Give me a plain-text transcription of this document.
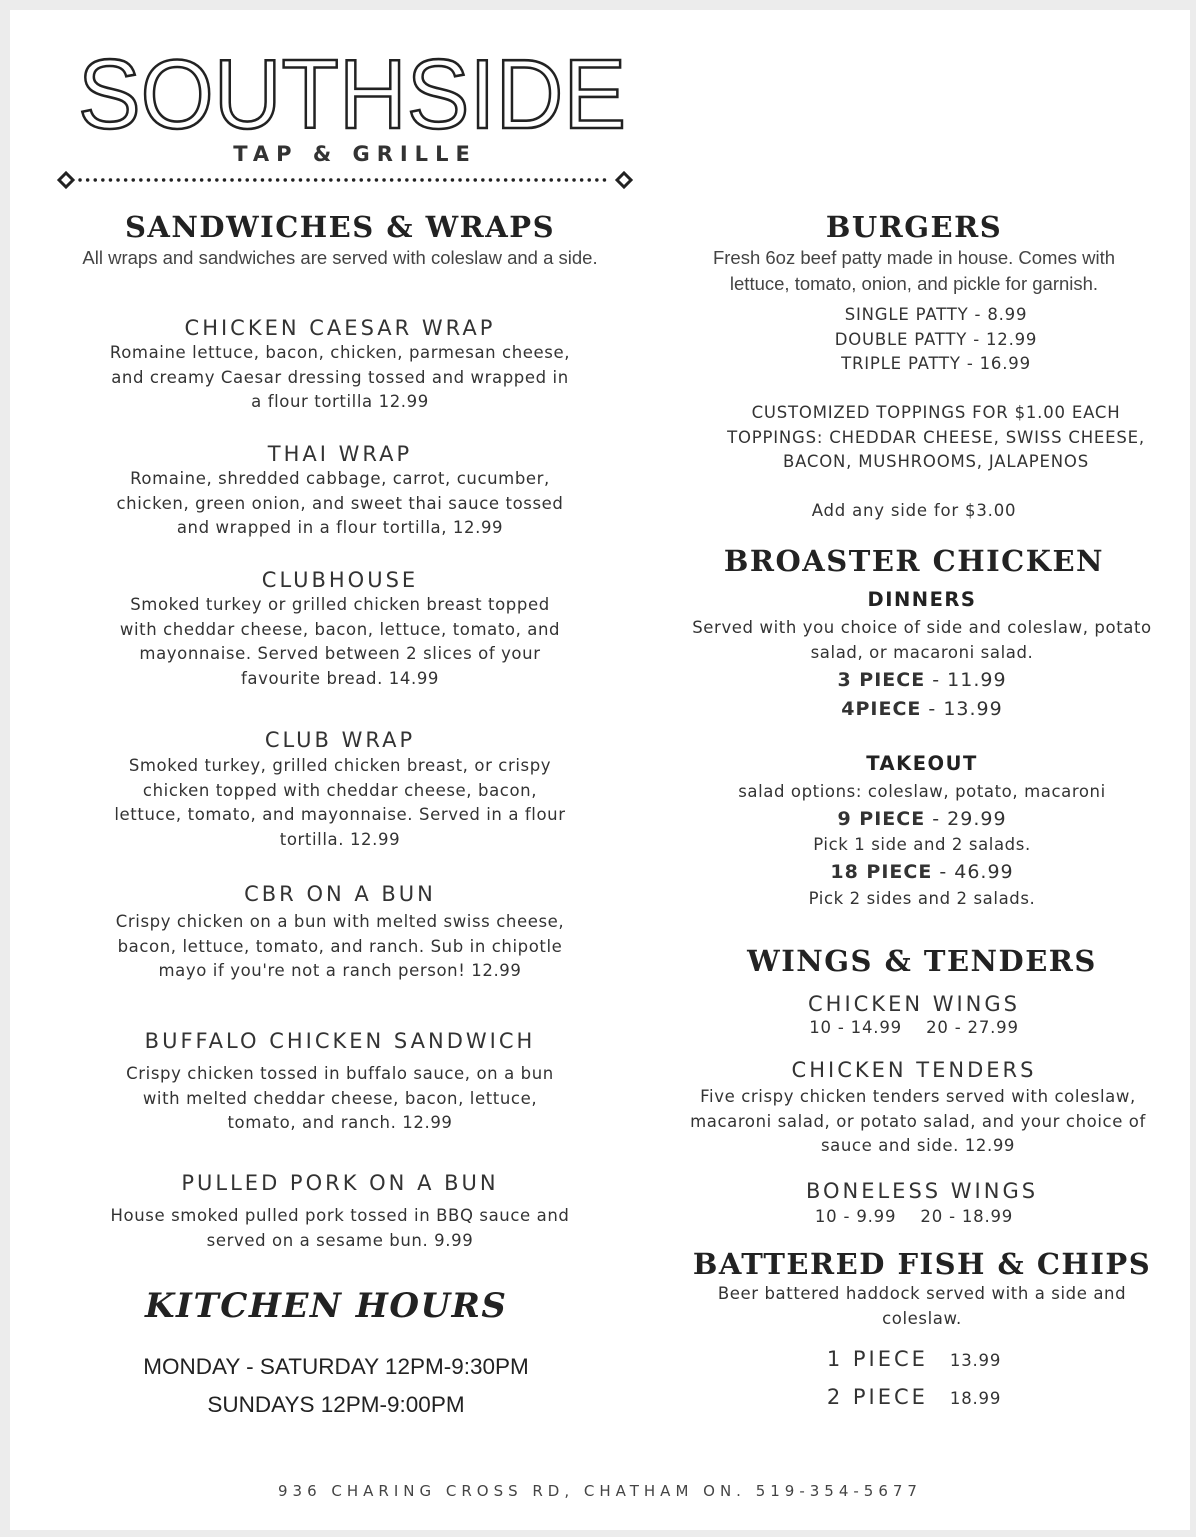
SOUTHSIDE
TAP & GRILLE
SANDWICHES & WRAPS
All wraps and sandwiches are served with coleslaw and a side.
CHICKEN CAESAR WRAP
Romaine lettuce, bacon, chicken, parmesan cheese,
and creamy Caesar dressing tossed and wrapped in
a flour tortilla 12.99
THAI WRAP
Romaine, shredded cabbage, carrot, cucumber,
chicken, green onion, and sweet thai sauce tossed
and wrapped in a flour tortilla, 12.99
CLUBHOUSE
Smoked turkey or grilled chicken breast topped
with cheddar cheese, bacon, lettuce, tomato, and
mayonnaise. Served between 2 slices of your
favourite bread. 14.99
CLUB WRAP
Smoked turkey, grilled chicken breast, or crispy
chicken topped with cheddar cheese, bacon,
lettuce, tomato, and mayonnaise. Served in a flour
tortilla. 12.99
CBR ON A BUN
Crispy chicken on a bun with melted swiss cheese,
bacon, lettuce, tomato, and ranch. Sub in chipotle
mayo if you're not a ranch person! 12.99
BUFFALO CHICKEN SANDWICH
Crispy chicken tossed in buffalo sauce, on a bun
with melted cheddar cheese, bacon, lettuce,
tomato, and ranch. 12.99
PULLED PORK ON A BUN
House smoked pulled pork tossed in BBQ sauce and
served on a sesame bun. 9.99
KITCHEN HOURS
MONDAY - SATURDAY 12PM-9:30PM
SUNDAYS 12PM-9:00PM
BURGERS
Fresh 6oz beef patty made in house. Comes with
lettuce, tomato, onion, and pickle for garnish.
SINGLE PATTY - 8.99
DOUBLE PATTY - 12.99
TRIPLE PATTY - 16.99
CUSTOMIZED TOPPINGS FOR $1.00 EACH
TOPPINGS: CHEDDAR CHEESE, SWISS CHEESE,
BACON, MUSHROOMS, JALAPENOS
Add any side for $3.00
BROASTER CHICKEN
DINNERS
Served with you choice of side and coleslaw, potato
salad, or macaroni salad.
3 PIECE - 11.99
4PIECE - 13.99
TAKEOUT
salad options: coleslaw, potato, macaroni
9 PIECE - 29.99
Pick 1 side and 2 salads.
18 PIECE - 46.99
Pick 2 sides and 2 salads.
WINGS & TENDERS
CHICKEN WINGS
10 - 14.99    20 - 27.99
CHICKEN TENDERS
Five crispy chicken tenders served with coleslaw,
macaroni salad, or potato salad, and your choice of
sauce and side. 12.99
BONELESS WINGS
10 - 9.99    20 - 18.99
BATTERED FISH & CHIPS
Beer battered haddock served with a side and
coleslaw.
1 PIECE 13.99
2 PIECE 18.99
936 CHARING CROSS RD, CHATHAM ON. 519-354-5677
